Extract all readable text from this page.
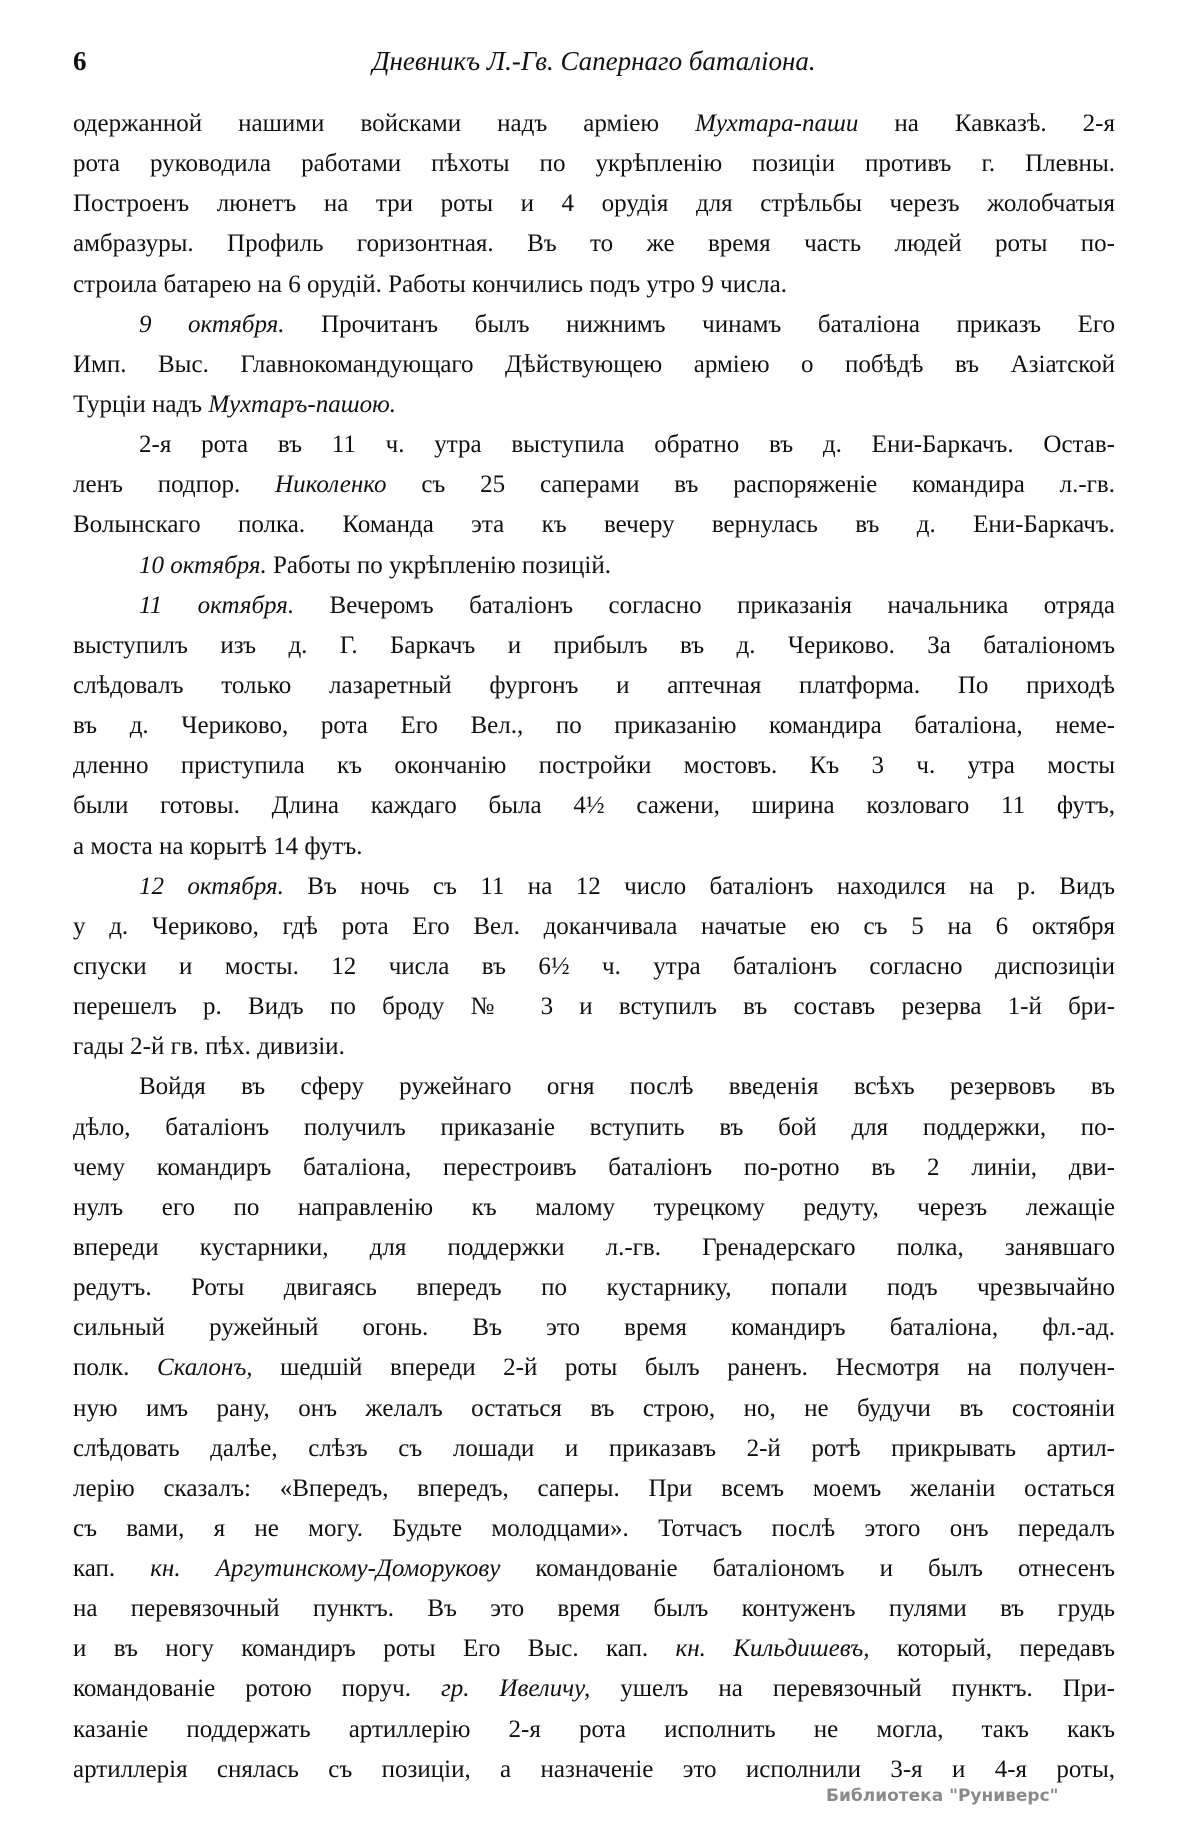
6	Дневникъ Л.-Гв. Сапернаго баталіона.
одержанной нашими войсками надъ арміею Мухтара-паши на Кавказѣ. 2-я
рота руководила работами пѣхоты по укрѣпленію позиціи противъ г. Плевны.
Построенъ люнетъ на три роты и 4 орудія для стрѣльбы черезъ жолобчатыя
амбразуры. Профиль горизонтная. Въ то же время часть людей роты по-
строила батарею на 6 орудій. Работы кончились подъ утро 9 числа.
9 октября. Прочитанъ былъ нижнимъ чинамъ баталіона приказъ Его
Имп. Выс. Главнокомандующаго Дѣйствующею арміею о побѣдѣ въ Азіатской
Турціи надъ Мухтаръ-пашою.
2-я рота въ 11 ч. утра выступила обратно въ д. Ени-Баркачъ. Остав-
ленъ подпор. Николенко съ 25 саперами въ распоряженіе командира л.-гв.
Волынскаго полка. Команда эта къ вечеру вернулась въ д. Ени-Баркачъ.
10 октября. Работы по укрѣпленію позицій.
11 октября. Вечеромъ баталіонъ согласно приказанія начальника отряда
выступилъ изъ д. Г. Баркачъ и прибылъ въ д. Чериково. За баталіономъ
слѣдовалъ только лазаретный фургонъ и аптечная платформа. По приходѣ
въ д. Чериково, рота Его Вел., по приказанію командира баталіона, неме-
дленно приступила къ окончанію постройки мостовъ. Къ 3 ч. утра мосты
были готовы. Длина каждаго была 4½ сажени, ширина козловаго 11 футъ,
а моста на корытѣ 14 футъ.
12 октября. Въ ночь съ 11 на 12 число баталіонъ находился на р. Видъ
у д. Чериково, гдѣ рота Его Вел. доканчивала начатые ею съ 5 на 6 октября
спуски и мосты. 12 числа въ 6½ ч. утра баталіонъ согласно диспозиціи
перешелъ р. Видъ по броду № 3 и вступилъ въ составъ резерва 1-й бри-
гады 2-й гв. пѣх. дивизіи.
Войдя въ сферу ружейнаго огня послѣ введенія всѣхъ резервовъ въ
дѣло, баталіонъ получилъ приказаніе вступить въ бой для поддержки, по-
чему командиръ баталіона, перестроивъ баталіонъ по-ротно въ 2 линіи, дви-
нулъ его по направленію къ малому турецкому редуту, черезъ лежащіе
впереди кустарники, для поддержки л.-гв. Гренадерскаго полка, занявшаго
редутъ. Роты двигаясь впередъ по кустарнику, попали подъ чрезвычайно
сильный ружейный огонь. Въ это время командиръ баталіона, фл.-ад.
полк. Скалонъ, шедшій впереди 2-й роты былъ раненъ. Несмотря на получен-
ную имъ рану, онъ желалъ остаться въ строю, но, не будучи въ состояніи
слѣдовать далѣе, слѣзъ съ лошади и приказавъ 2-й ротѣ прикрывать артил-
лерію сказалъ: «Впередъ, впередъ, саперы. При всемъ моемъ желаніи остаться
съ вами, я не могу. Будьте молодцами». Тотчасъ послѣ этого онъ передалъ
кап. кн. Аргутинскому-Доморукову командованіе баталіономъ и былъ отнесенъ
на перевязочный пунктъ. Въ это время былъ контуженъ пулями въ грудь
и въ ногу командиръ роты Его Выс. кап. кн. Кильдишевъ, который, передавъ
командованіе ротою поруч. гр. Ивеличу, ушелъ на перевязочный пунктъ. При-
казаніе поддержать артиллерію 2-я рота исполнить не могла, такъ какъ
артиллерія снялась съ позиціи, а назначеніе это исполнили 3-я и 4-я роты,
Библиотека "Руниверс"
